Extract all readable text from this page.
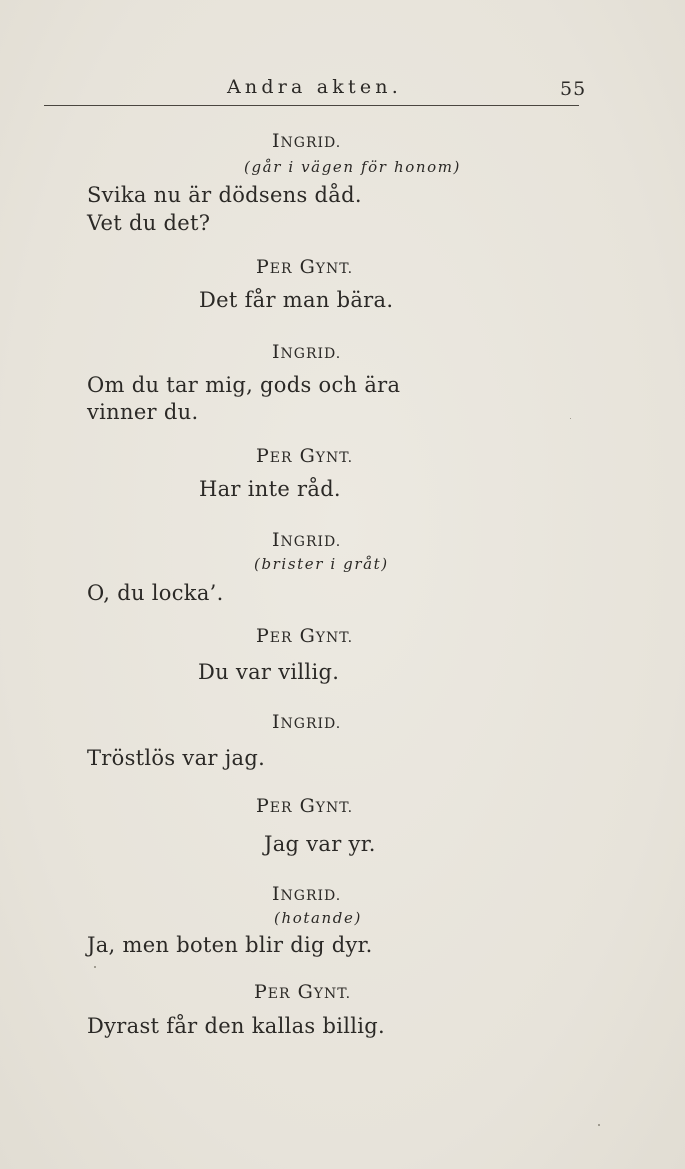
Andra akten.	55
INGRID.
(går i vägen för honom)
Svika nu är dödsens dåd.
Vet du det?
PER GYNT.
Det får man bära.
INGRID.
Om du tar mig, gods och ära
vinner du.
PER GYNT.
Har inte råd.
INGRID.
(brister i gråt)
O, du locka’.
PER GYNT.
Du var villig.
INGRID.
Tröstlös var jag.
PER GYNT.
Jag var yr.
INGRID.
(hotande)
Ja, men boten blir dig dyr.
PER GYNT.
Dyrast får den kallas billig.
